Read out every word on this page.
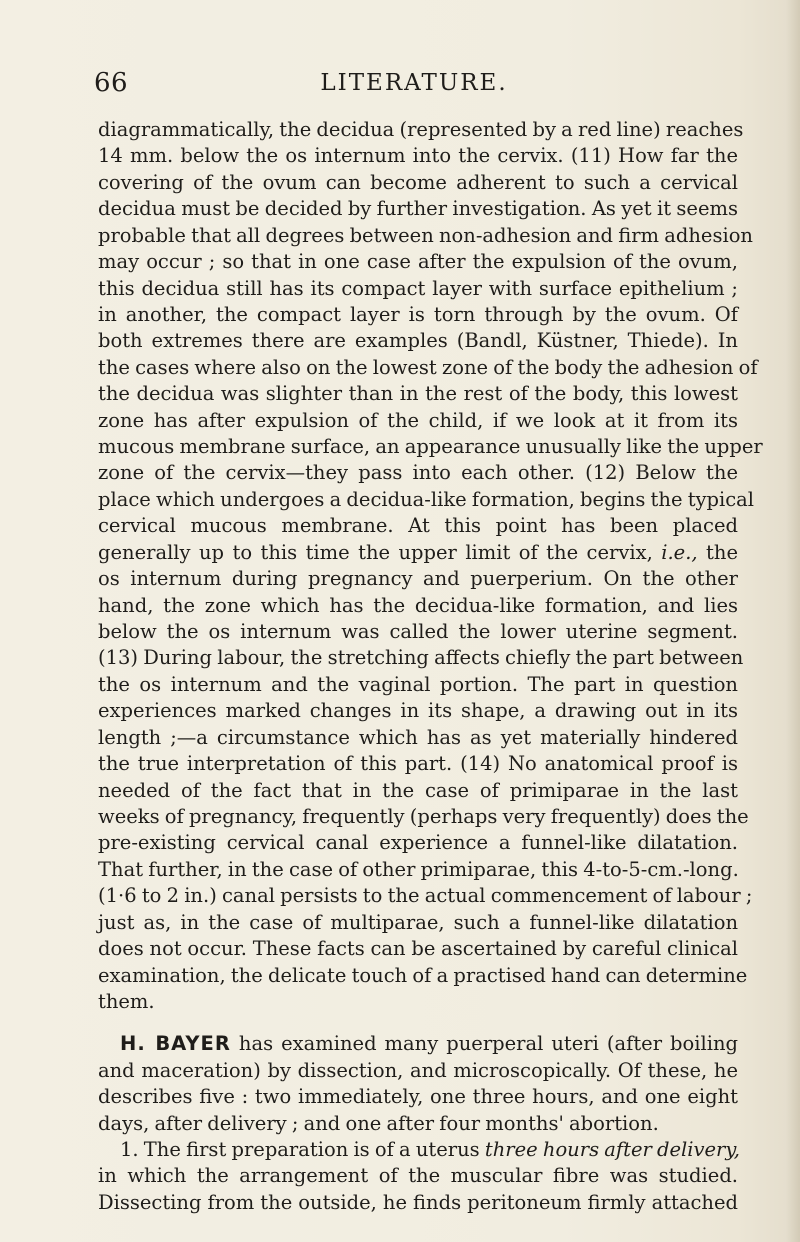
66	LITERATURE.
diagrammatically, the decidua (represented by a red line) reaches
14 mm. below the os internum into the cervix. (11) How far the
covering of the ovum can become adherent to such a cervical
decidua must be decided by further investigation. As yet it seems
probable that all degrees between non-adhesion and firm adhesion
may occur ; so that in one case after the expulsion of the ovum,
this decidua still has its compact layer with surface epithelium ;
in another, the compact layer is torn through by the ovum. Of
both extremes there are examples (Bandl, Küstner, Thiede). In
the cases where also on the lowest zone of the body the adhesion of
the decidua was slighter than in the rest of the body, this lowest
zone has after expulsion of the child, if we look at it from its
mucous membrane surface, an appearance unusually like the upper
zone of the cervix—they pass into each other. (12) Below the
place which undergoes a decidua-like formation, begins the typical
cervical mucous membrane. At this point has been placed
generally up to this time the upper limit of the cervix, i.e., the
os internum during pregnancy and puerperium. On the other
hand, the zone which has the decidua-like formation, and lies
below the os internum was called the lower uterine segment.
(13) During labour, the stretching affects chiefly the part between
the os internum and the vaginal portion. The part in question
experiences marked changes in its shape, a drawing out in its
length ;—a circumstance which has as yet materially hindered
the true interpretation of this part. (14) No anatomical proof is
needed of the fact that in the case of primiparae in the last
weeks of pregnancy, frequently (perhaps very frequently) does the
pre-existing cervical canal experience a funnel-like dilatation.
That further, in the case of other primiparae, this 4-to-5-cm.-long.
(1·6 to 2 in.) canal persists to the actual commencement of labour ;
just as, in the case of multiparae, such a funnel-like dilatation
does not occur. These facts can be ascertained by careful clinical
examination, the delicate touch of a practised hand can determine
them.
H. BAYER has examined many puerperal uteri (after boiling
and maceration) by dissection, and microscopically. Of these, he
describes five : two immediately, one three hours, and one eight
days, after delivery ; and one after four months' abortion.
1. The first preparation is of a uterus three hours after delivery,
in which the arrangement of the muscular fibre was studied.
Dissecting from the outside, he finds peritoneum firmly attached
